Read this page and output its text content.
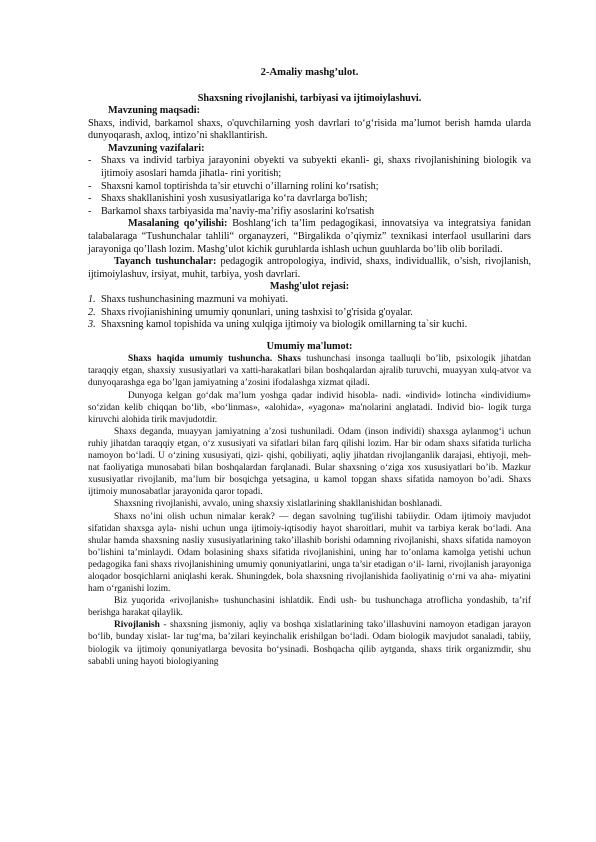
2-Amaliy mashg’ulot.
Shaxsning rivojlanishi, tarbiyasi va ijtimoiylashuvi.
Mavzuning maqsadi:

Shaxs, individ, barkamol shaxs, o'quvchilarning yosh davrlari to‘g‘risida ma’lumot berish hamda ularda dunyoqarash, axloq, intizo’ni shakllantirish.

Mavzuning vazifalari:
- Shaxs va individ tarbiya jarayonini obyekti va subyekti ekanli- gi, shaxs rivojlanishining biologik va ijtimoiy asoslari hamda jihatla- rini yoritish;
- Shaxsni kamol toptirishda ta’sir etuvchi o’illarning rolini ko‘rsatish;
- Shaxs shakllanishini yosh xususiyatlariga ko‘ra davrlarga bo'lish;
- Barkamol shaxs tarbiyasida ma’naviy-ma’rifiy asoslarini ko'rsatish

Masalaning qo’yilishi: Boshlang‘ich ta’lim pedagogikasi, innovatsiya va integratsiya fanidan talabalaraga “Tushunchalar tahlili“ organayzeri, “Birgalikda o’qiymiz” texnikasi interfaol usullarini dars jarayoniga qo’llash lozim. Mashg’ulot kichik guruhlarda ishlash uchun guuhlarda bo’lib olib boriladi.

Tayanch tushunchalar: pedagogik antropologiya, individ, shaxs, individuallik, o’sish, rivojlanish, ijtimoiylashuv, irsiyat, muhit, tarbiya, yosh davrlari.

Mashg'ulot rejasi:
1. Shaxs tushunchasining mazmuni va mohiyati.
2. Shaxs rivojianishining umumiy qonunlari, uning tashxisi to’g'risida g'oyalar.
3. Shaxsning kamol topishida va uning xulqiga ijtimoiy va biologik omillarning ta`sir kuchi.
Umumiy ma'lumot:

Shaxs haqida umumiy tushuncha. Shaxs tushunchasi insonga taalluqli bo’lib, psixologik jihatdan taraqqiy etgan, shaxsiy xususiyatlari va xatti-harakatlari bilan boshqalardan ajralib turuvchi, muayyan xulq-atvor va dunyoqarashga ega bo’lgan jamiyatning a’zosini ifodalashga xizmat qiladi.

Dunyoga kelgan go‘dak ma’lum yoshga qadar individ hisobla- nadi. «individ» lotincha «individium» so‘zidan kelib chiqqan bo‘lib, «bo‘linmas», «alohida», «yagona» ma'nolarini anglatadi. Individ bio- logik turga kiruvchi alohida tirik mavjudotdir.

Shaxs deganda, muayyan jamiyatning a’zosi tushuniladi. Odam (inson individi) shaxsga aylanmog‘i uchun ruhiy jihatdan taraqqiy etgan, o‘z xususiyati va sifatlari bilan farq qilishi lozim. Har bir odam shaxs sifatida turlicha namoyon bo‘ladi. U o‘zining xususiyati, qizi- qishi, qobiliyati, aqliy jihatdan rivojlanganlik darajasi, ehtiyoji, meh- nat faoliyatiga munosabati bilan boshqalardan farqlanadi. Bular shaxsning o‘ziga xos xususiyatlari bo’ib. Mazkur xususiyatlar rivojlanib, ma’lum bir bosqichga yetsagina, u kamol topgan shaxs sifatida namoyon bo’adi. Shaxs ijtimoiy munosabatlar jarayonida qaror topadi.

Shaxsning rivojlanishi, avvalo, uning shaxsiy xislatlarining shakllanishidan boshlanadi.

Shaxs no’ini olish uchun nimalar kerak? — degan savolning tug'ilishi tabiiydir. Odam ijtimoiy mavjudot sifatidan shaxsga ayla- nishi uchun unga ijtimoiy-iqtisodiy hayot sharoitlari, muhit va tarbiya kerak bo‘ladi. Ana shular hamda shaxsning nasliy xususiyatlarining tako’illashib borishi odamning rivojlanishi, shaxs sifatida namoyon bo’lishini ta’minlaydi. Odam bolasining shaxs sifatida rivojlanishini, uning har to’onlama kamolga yetishi uchun pedagogika fani shaxs rivojlanishining umumiy qonuniyatlarini, unga ta’sir etadigan o‘il- larni, rivojlanish jarayoniga aloqador bosqichlarni aniqlashi kerak. Shuningdek, bola shaxsning rivojlanishida faoliyatinig o‘rni va aha- miyatini ham o‘rganishi lozim.

Biz yuqorida «rivojlanish» tushunchasini ishlatdik. Endi ush- bu tushunchaga atroflicha yondashib, ta’rif berishga harakat qilaylik.

Rivojlanish - shaxsning jismoniy, aqliy va boshqa xislatlarining tako’illashuvini namoyon etadigan jarayon bo‘lib, bunday xislat- lar tug‘ma, ba’zilari keyinchalik erishilgan bo‘ladi. Odam biologik mavjudot sanaladi, tabiiy, biologik va ijtimoiy qonuniyatlarga bevosita bo‘ysinadi. Boshqacha qilib aytganda, shaxs tirik organizmdir, shu sababli uning hayoti biologiyaning
